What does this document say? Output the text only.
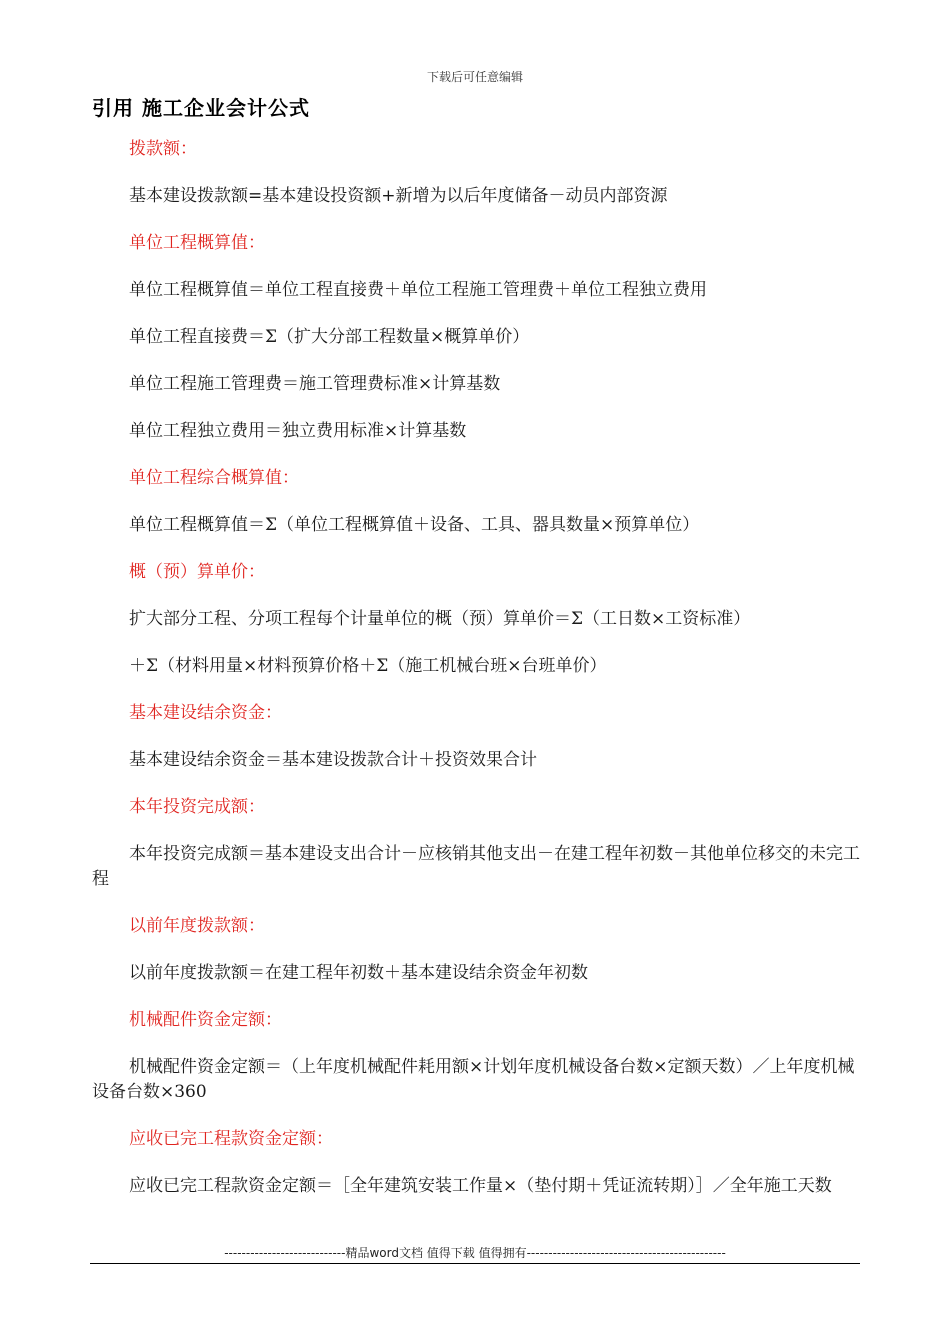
下载后可任意编辑
引用 施工企业会计公式

拨款额：

基本建设拨款额=基本建设投资额+新增为以后年度储备－动员内部资源

单位工程概算值：

单位工程概算值＝单位工程直接费＋单位工程施工管理费＋单位工程独立费用

单位工程直接费＝Σ（扩大分部工程数量×概算单价）

单位工程施工管理费＝施工管理费标准×计算基数

单位工程独立费用＝独立费用标准×计算基数

单位工程综合概算值：

单位工程概算值＝Σ（单位工程概算值＋设备、工具、器具数量×预算单位）

概（预）算单价：

扩大部分工程、分项工程每个计量单位的概（预）算单价＝Σ（工日数×工资标准）

＋Σ（材料用量×材料预算价格＋Σ（施工机械台班×台班单价）

基本建设结余资金：

基本建设结余资金＝基本建设拨款合计＋投资效果合计

本年投资完成额：

本年投资完成额＝基本建设支出合计－应核销其他支出－在建工程年初数－其他单位移交的未完工程

以前年度拨款额：

以前年度拨款额＝在建工程年初数＋基本建设结余资金年初数

机械配件资金定额：

机械配件资金定额＝（上年度机械配件耗用额×计划年度机械设备台数×定额天数）／上年度机械设备台数×360

应收已完工程款资金定额：

应收已完工程款资金定额＝［全年建筑安装工作量×（垫付期＋凭证流转期）］／全年施工天数

----------------------------精品word文档 值得下载 值得拥有----------------------------------------------
